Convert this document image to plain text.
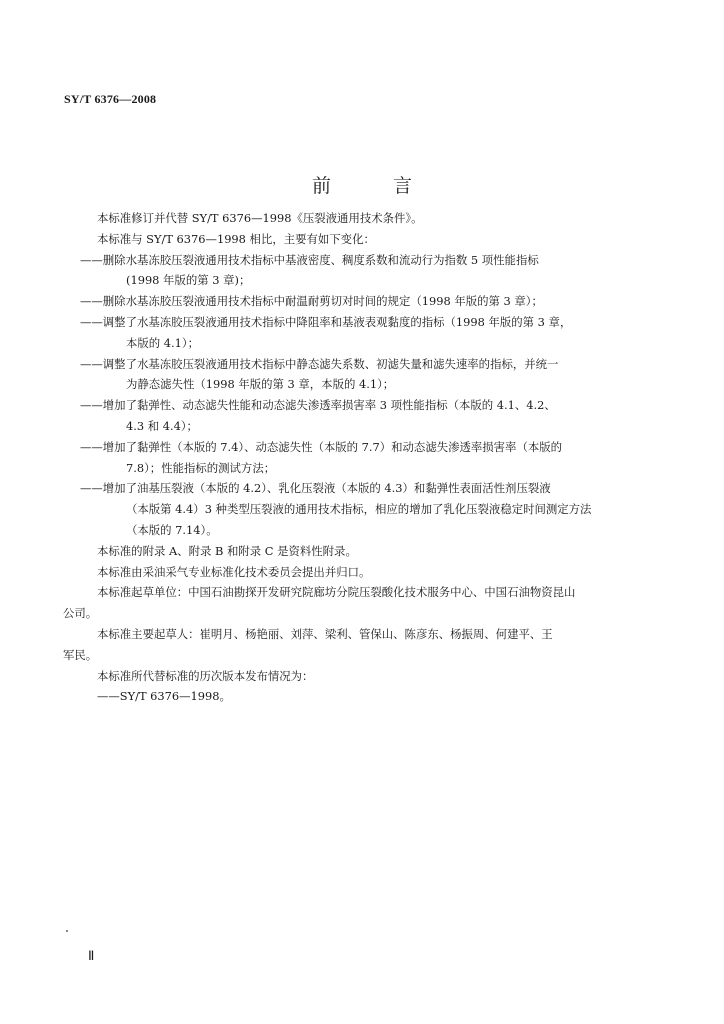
SY/T 6376—2008
前 言
本标准修订并代替 SY/T 6376—1998《压裂液通用技术条件》。
本标准与 SY/T 6376—1998 相比，主要有如下变化：
——删除水基冻胶压裂液通用技术指标中基液密度、稠度系数和流动行为指数 5 项性能指标
(1998 年版的第 3 章)；
——删除水基冻胶压裂液通用技术指标中耐温耐剪切对时间的规定（1998 年版的第 3 章）；
——调整了水基冻胶压裂液通用技术指标中降阻率和基液表观黏度的指标（1998 年版的第 3 章，
本版的 4.1）；
——调整了水基冻胶压裂液通用技术指标中静态滤失系数、初滤失量和滤失速率的指标，并统一
为静态滤失性（1998 年版的第 3 章，本版的 4.1）；
——增加了黏弹性、动态滤失性能和动态滤失渗透率损害率 3 项性能指标（本版的 4.1、4.2、
4.3 和 4.4）；
——增加了黏弹性（本版的 7.4）、动态滤失性（本版的 7.7）和动态滤失渗透率损害率（本版的
7.8）；性能指标的测试方法；
——增加了油基压裂液（本版的 4.2）、乳化压裂液（本版的 4.3）和黏弹性表面活性剂压裂液
（本版第 4.4）3 种类型压裂液的通用技术指标，相应的增加了乳化压裂液稳定时间测定方法
（本版的 7.14）。
本标准的附录 A、附录 B 和附录 C 是资料性附录。
本标准由采油采气专业标准化技术委员会提出并归口。
本标准起草单位：中国石油勘探开发研究院廊坊分院压裂酸化技术服务中心、中国石油物资昆山
公司。
本标准主要起草人：崔明月、杨艳丽、刘萍、梁利、管保山、陈彦东、杨振周、何建平、王
军民。
本标准所代替标准的历次版本发布情况为：
——SY/T 6376—1998。
Ⅱ
